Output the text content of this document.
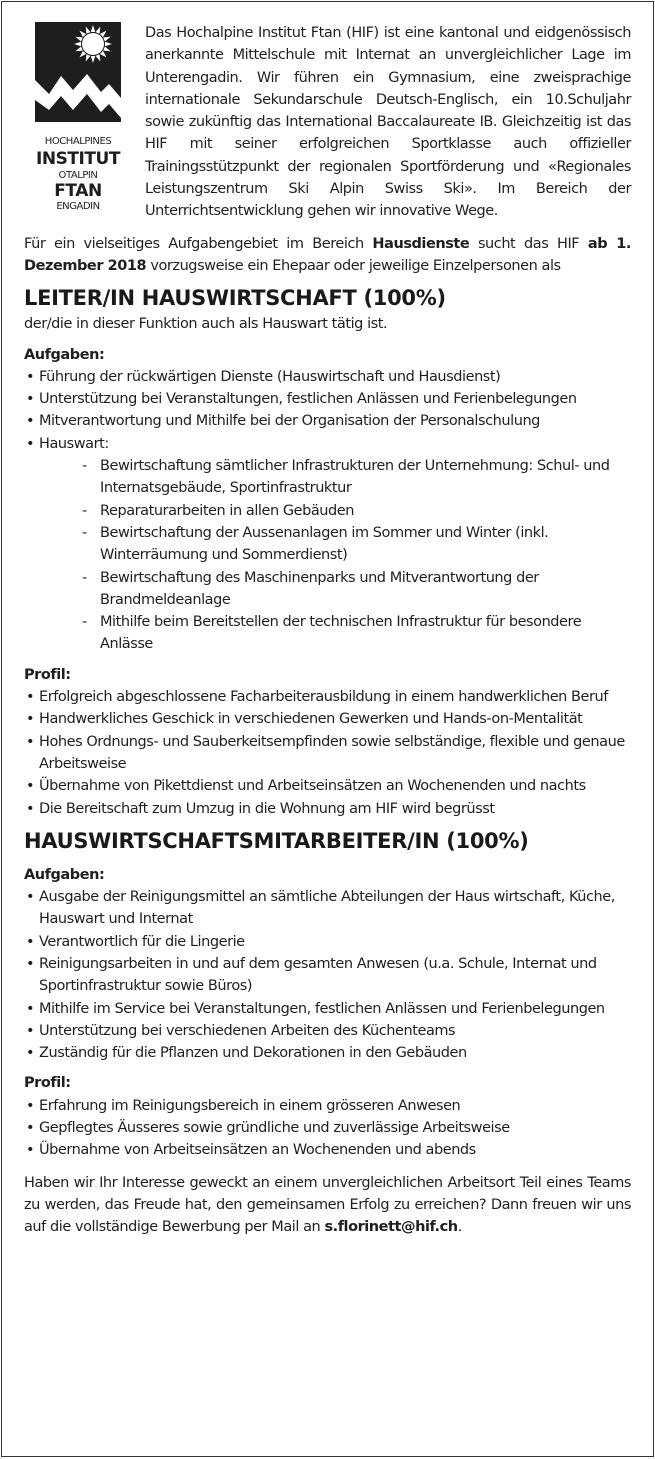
HOCHALPINES
INSTITUT
OTALPIN
FTAN
ENGADIN

Das Hochalpine Institut Ftan (HIF) ist eine kantonal und eidgenössisch anerkannte Mittelschule mit Internat an unvergleichlicher Lage im Unterengadin. Wir führen ein Gymnasium, eine zweisprachige internationale Sekundarschule Deutsch-Englisch, ein 10.Schuljahr sowie zukünftig das International Baccalaureate IB. Gleichzeitig ist das HIF mit seiner erfolgreichen Sportklasse auch offizieller Trainingsstützpunkt der regionalen Sportförderung und «Regionales Leistungszentrum Ski Alpin Swiss Ski». Im Bereich der Unterrichtsentwicklung gehen wir innovative Wege.

Für ein vielseitiges Aufgabengebiet im Bereich Hausdienste sucht das HIF ab 1. Dezember 2018 vorzugsweise ein Ehepaar oder jeweilige Einzelpersonen als

LEITER/IN HAUSWIRTSCHAFT (100%)

der/die in dieser Funktion auch als Hauswart tätig ist.

Aufgaben:
• Führung der rückwärtigen Dienste (Hauswirtschaft und Hausdienst)
• Unterstützung bei Veranstaltungen, festlichen Anlässen und Ferienbelegungen
• Mitverantwortung und Mithilfe bei der Organisation der Personalschulung
• Hauswart:
- Bewirtschaftung sämtlicher Infrastrukturen der Unternehmung: Schul- und Internatsgebäude, Sportinfrastruktur
- Reparaturarbeiten in allen Gebäuden
- Bewirtschaftung der Aussenanlagen im Sommer und Winter (inkl. Winterräumung und Sommerdienst)
- Bewirtschaftung des Maschinenparks und Mitverantwortung der Brandmeldeanlage
- Mithilfe beim Bereitstellen der technischen Infrastruktur für besondere Anlässe
Profil:
• Erfolgreich abgeschlossene Facharbeiterausbildung in einem handwerklichen Beruf
• Handwerkliches Geschick in verschiedenen Gewerken und Hands-on-Mentalität
• Hohes Ordnungs- und Sauberkeitsempfinden sowie selbständige, flexible und genaue Arbeitsweise
• Übernahme von Pikettdienst und Arbeitseinsätzen an Wochenenden und nachts
• Die Bereitschaft zum Umzug in die Wohnung am HIF wird begrüsst
HAUSWIRTSCHAFTSMITARBEITER/IN (100%)
Aufgaben:
• Ausgabe der Reinigungsmittel an sämtliche Abteilungen der Haus wirtschaft, Küche, Hauswart und Internat
• Verantwortlich für die Lingerie
• Reinigungsarbeiten in und auf dem gesamten Anwesen (u.a. Schule, Internat und Sportinfrastruktur sowie Büros)
• Mithilfe im Service bei Veranstaltungen, festlichen Anlässen und Ferienbelegungen
• Unterstützung bei verschiedenen Arbeiten des Küchenteams
• Zuständig für die Pflanzen und Dekorationen in den Gebäuden
Profil:
• Erfahrung im Reinigungsbereich in einem grösseren Anwesen
• Gepflegtes Äusseres sowie gründliche und zuverlässige Arbeitsweise
• Übernahme von Arbeitseinsätzen an Wochenenden und abends

Haben wir Ihr Interesse geweckt an einem unvergleichlichen Arbeitsort Teil eines Teams zu werden, das Freude hat, den gemeinsamen Erfolg zu erreichen? Dann freuen wir uns auf die vollständige Bewerbung per Mail an s.florinett@hif.ch.
